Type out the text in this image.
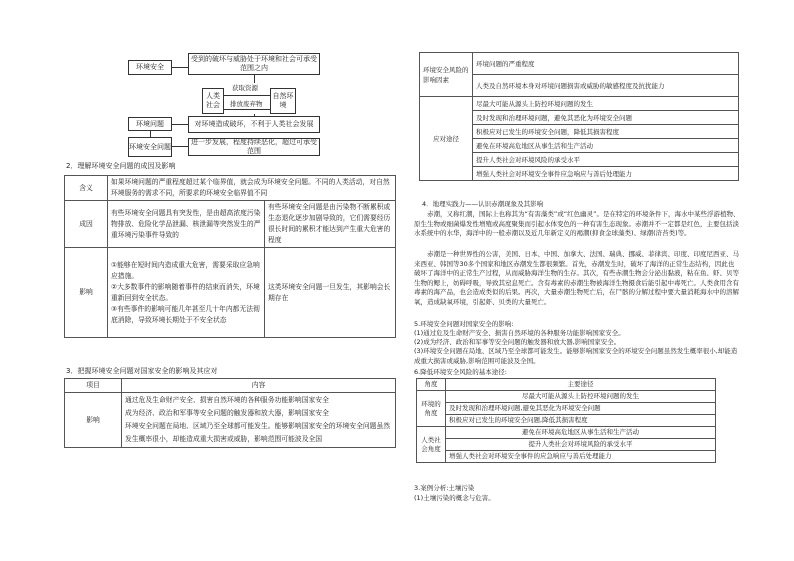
环境安全
受到的破坏与威胁处于环境和社会可承受范围之内
人类社会
获取资源
排放废弃物
自然环境
环境问题	对环境造成破坏，不利于人类社会发展
环境安全问题
进一步发展，程度持续恶化，超过可承受范围
2．理解环境安全问题的成因及影响
含义	如果环境问题的严重程度超过某个临界值，就会成为环境安全问题。不同的人类活动，对自然环境服务的需求不同，所要求的环境安全临界值不同	
成因	有些环境安全问题具有突发性，是由超高浓度污染物排放、危险化学品泄漏、核泄漏等突然发生的严重环境污染事件导致的	有些环境安全问题是由污染物不断累积或生态退化逐步加剧导致的，它们需要经历很长时间的累积才能达到产生重大危害的程度
影响	①能够在短时间内造成重大危害，需要采取应急响应措施。
②大多数事件的影响随着事件的结束而消失，环境重新回到安全状态。
③有些事件的影响可能几年甚至几十年内都无法彻底消除，导致环境长期处于不安全状态	这类环境安全问题一旦发生，其影响会长期存在
3．把握环境安全问题对国家安全的影响及其应对
项目	内容
影响	通过危及生命财产安全、损害自然环境的各种服务功能影响国家安全
成为经济、政治和军事等安全问题的触发器和放大器，影响国家安全
环境安全问题在局地、区域乃至全球都可能发生。能够影响国家安全的环境安全问题虽然发生概率很小，却能造成重大损害或威胁，影响范围可能波及全国
环境安全风险的影响因素	环境问题的严重程度
	人类及自然环境本身对环境问题损害或威胁的敏感程度及抗扰能力
应对途径	尽最大可能从源头上防控环境问题的发生
	及时发现和治理环境问题，避免其恶化为环境安全问题
	积极应对已发生的环境安全问题，降低其损害程度
	避免在环境高危地区从事生活和生产活动
	提升人类社会对环境风险的承受水平
	增强人类社会对环境安全事件应急响应与善后处理能力
4．地理实践力——认识赤潮现象及其影响
赤潮，又称红潮，国际上也称其为“有害藻类”或“红色幽灵”。是在特定的环境条件下，海水中某些浮游植物、原生生物或细菌爆发性增殖或高度聚集而引起水体变色的一种有害生态现象。赤潮并不一定都是红色，主要包括淡水系统中的水华，海洋中的一般赤潮以及近几年新定义的褐潮(抑食金球藻类)、绿潮(浒苔类)等。
赤潮是一种世界性的公害，美国、日本、中国、加拿大、法国、瑞典、挪威、菲律宾、印度、印度尼西亚、马来西亚、韩国等30多个国家和地区赤潮发生都很频繁。首先，赤潮发生时，破坏了海洋的正常生态结构，因此也破坏了海洋中的正常生产过程，从而威胁海洋生物的生存。其次，有些赤潮生物会分泌出黏液，粘在鱼、虾、贝等生物的鳃上，妨碍呼吸，导致其窒息死亡。含有毒素的赤潮生物被海洋生物摄食后能引起中毒死亡。人类食用含有毒素的海产品，也会造成类似的后果。再次，大量赤潮生物死亡后，在尸骸的分解过程中要大量消耗海水中的溶解氧，造成缺氧环境，引起虾、贝类的大量死亡。
5.环境安全问题对国家安全的影响:
(1)通过危及生命财产安全、损害自然环境的各种服务功能影响国家安全。
(2)成为经济、政治和军事等安全问题的触发器和放大器,影响国家安全。
(3)环境安全问题在局地、区域乃至全球都可能发生。能够影响国家安全的环境安全问题虽然发生概率很小,却能造成重大损害或威胁,影响范围可能波及全国。
6.降低环境安全风险的基本途径:
角度	主要途径
环境的角度	尽最大可能从源头上防控环境问题的发生
	及时发现和治理环境问题,避免其恶化为环境安全问题
	积极应对已发生的环境安全问题,降低其损害程度
人类社会角度	避免在环境高危地区从事生活和生产活动
	提升人类社会对环境风险的承受水平
	增强人类社会对环境安全事件的应急响应与善后处理能力
3.案例分析:土壤污染
(1)土壤污染的概念与危害。
